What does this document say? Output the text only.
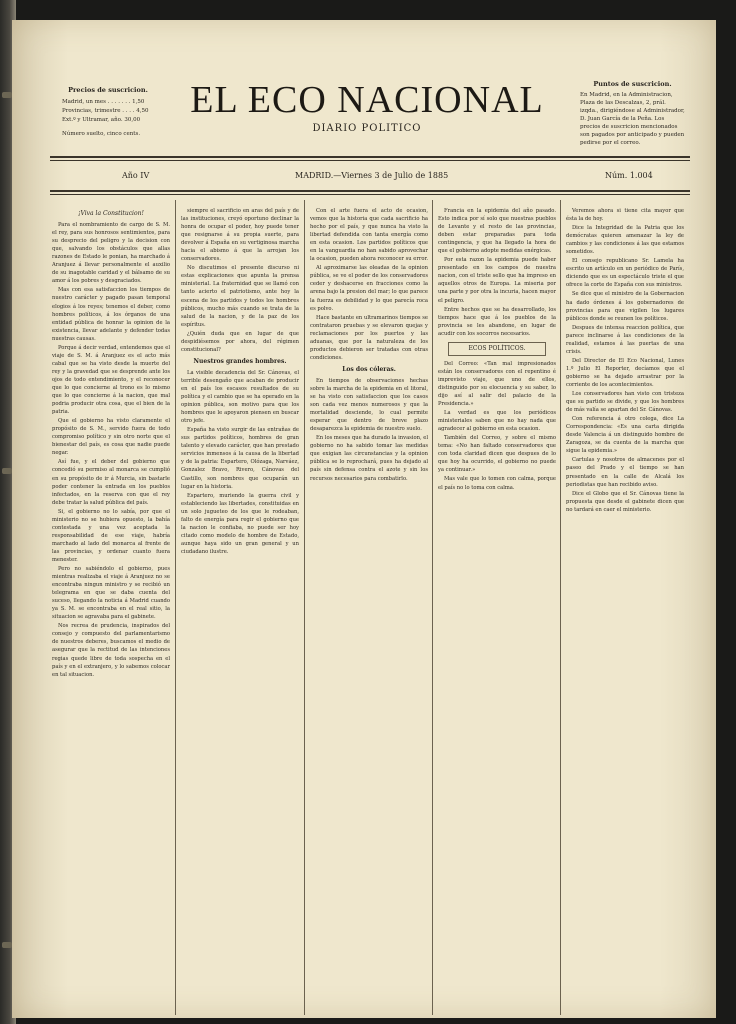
Precios de suscricion.
Madrid, un mes . . . . . . . 1,50
Provincias, trimestre . . . . 4,50
Ext.º y Ultramar, año. 30,00
Número suelto, cinco cents.
EL ECO NACIONAL
DIARIO POLITICO
Puntos de suscricion.
En Madrid, en la Administracion, Plaza de las Descalzas, 2, prál. izqda., dirigiéndose al Administrador, D. Juan García de la Peña. Los precios de suscricion mencionados son pagados por anticipado y pueden pedirse por el correo.
Año IV	MADRID.—Viernes 3 de Julio de 1885	Núm. 1.004

¡Viva la Constitucion!

Para el nombramiento de cargo de S. M. el rey, para sus honrosos sentimientos, para su desprecio del peligro y la decision con que, salvando los obstáculos que allas razones de Estado le ponian, ha marchado á Aranjuez á llevar personalmente el auxilio de su inagotable caridad y el bálsamo de su amor á los pobres y desgraciados.

Mas con esa satisfaccion los tiempos de nuestro carácter y pagado pasan temporal elogios á los reyes; tenemos el deber, como hombres políticos, á los órganos de una entidad pública de honrar la opinion de la existencia, llevar adelante y defender todas nuestras causas.

Porque á decir verdad, entendemos que el viaje de S. M. á Aranjuez es el acto más cabal que se ha visto desde la muerte del rey y la gravedad que se desprende ante los ojos de todo entendimiento, y el reconocer que lo que concierne al trono es lo mismo que lo que concierne á la nacion, que mal podria producir otra cosa, que el bien de la patria.

Que el gobierno ha visto claramente el propósito de S. M., servido fuera de todo compromiso político y sin otro norte que el bienestar del país, es cosa que nadie puede negar.

Así fue, y el deber del gobierno que concedió su permiso al monarca se cumplió en su propósito de ir á Murcia, sin bastarle poder contener la entrada en los pueblos infectados, en la reserva con que el rey debe tratar la salud pública del país.

Si, el gobierno no lo sabía, por que el ministerio no se hubiera opuesto, la bahía contestada y una vez aceptada la responsabilidad de ese viaje, habría marchado al lado del monarca al frente de las provincias, y ordenar cuanto fuera menester.

Pero no sabiéndolo el gobierno, pues mientras realizaba el viaje á Aranjuez no se encontraba ningun ministro y se recibió un telegrama en que se daba cuenta del suceso, llegando la noticia á Madrid cuando ya S. M. se encontraba en el real sitio, la situacion se agravaba para el gabinete.

Nos recrea de prudencia, inspirados del consejo y compuesto del parlamentarismo de nuestros deberes, buscamos el medio de asegurar que la rectitud de las intenciones regias quede libre de toda sospecha en el país y en el extranjero, y lo sabemos colocar en tal situacion.

siempre el sacrificio en aras del país y de las instituciones, creyó oportuno declinar la honra de ocupar el poder, hoy puede tener que resignarse á su propia suerte, para devolver á España en su vertiginosa marcha hacia el abismo á que la arrojan los conservadores.

No discutimos el presente discurso ni estas explicaciones que apunta la prensa ministerial. La fraternidad que se llamó con tanto acierto el patriotismo, ante hoy la escena de los partidos y todos los hombres públicos, mucho más cuando se trata de la salud de la nacion, y de la paz de los espíritus.

¿Quién duda que en lugar de que despidiésemos por ahora, del régimen constitucional?

Nuestros grandes hombres.

La visible decadencia del Sr. Cánovas, el terrible desengaño que acaban de producir en el país los escasos resultados de su política y el cambio que se ha operado en la opinion pública, son motivo para que los hombres que le apoyaron piensen en buscar otro jefe.

España ha visto surgir de las entrañas de sus partidos políticos, hombres de gran talento y elevado carácter, que han prestado servicios inmensos á la causa de la libertad y de la patria: Espartero, Olózaga, Narváez, Gonzalez Bravo, Rivero, Cánovas del Castillo, son nombres que ocuparán un lugar en la historia.

Espartero, muriendo la guerra civil y estableciendo las libertades, constituidas en un solo jugueteo de los que le rodeaban, falto de energía para regir el gobierno que la nacion le confiaba, no puede ser hoy citado como modelo de hombre de Estado, aunque haya sido un gran general y un ciudadano ilustre.

Con el arte fuera el acto de ocasion, vemos que la historia que cada sacrificio ha hecho por el país, y que nunca ha visto la libertad defendida con tanta energía como en esta ocasion. Los partidos políticos que en la vanguardia no han sabido aprovechar la ocasion, pueden ahora reconocer su error.

Al aproximarse las oleadas de la opinion pública, se ve el poder de los conservadores ceder y deshacerse en fracciones como la arena bajo la presion del mar; lo que parece la fuerza es debilidad y lo que parecía roca es polvo.

Hace bastante en ultramarinos tiempos se contrataron pruebas y se elevaron quejas y reclamaciones por los puertos y las aduanas, que por la naturaleza de los productos debieron ser tratadas con otras condiciones.

Los dos cóleras.

En tiempos de observaciones hechas sobre la marcha de la epidemia en el litoral, se ha visto con satisfaccion que los casos son cada vez menos numerosos y que la mortalidad desciende, lo cual permite esperar que dentro de breve plazo desaparezca la epidemia de nuestro suelo.

En los meses que ha durado la invasion, el gobierno no ha sabido tomar las medidas que exigian las circunstancias y la opinion pública se lo reprochará, pues ha dejado al país sin defensa contra el azote y sin los recursos necesarios para combatirlo.

Francia en la epidemia del año pasado. Esto indica por sí solo que nuestras pueblos de Levante y el resto de las provincias, deben estar preparadas para toda contingencia, y que ha llegado la hora de que el gobierno adopte medidas enérgicas.

Por esta razon la epidemia puede haber presentado en los campos de nuestra nacion, con el triste sello que ha impreso en aquellos otros de Europa. La miseria por una parte y por otra la incuria, hacen mayor el peligro.

Entre hechos que se ha desarrollado, los tiempos hace que á los pueblos de la provincia se les abandone, en lugar de acudir con los socorros necesarios.

ECOS POLÍTICOS.

Del Correo: «Tan mal impresionados están los conservadores con el repentino é imprevisto viaje, que uno de ellos, distinguido por su elocuencia y su saber, lo dijo así al salir del palacio de la Presidencia.»

La verdad es que los periódicos ministeriales saben que no hay nada que agradecer al gobierno en esta ocasion.

También del Correo, y sobre el mismo tema: «No han faltado conservadores que con toda claridad dicen que despues de lo que hoy ha ocurrido, el gobierno no puede ya continuar.»

Mas vale que lo tomen con calma, porque el país no lo toma con calma.

Veremos ahora si tiene cita mayor que ésta la de hoy.

Dice la Integridad de la Patria que los demócratas quieren amenazar la ley de cambios y las condiciones á las que estamos sometidos.

El consejo republicano Sr. Lamela ha escrito un artículo en un periódico de París, diciendo que es un espectáculo triste el que ofrece la corte de España con sus ministros.

Se dice que el ministro de la Gobernacion ha dado órdenes á los gobernadores de provincias para que vigilen los lugares públicos donde se reunen los políticos.

Despues de intensa reaccion política, que parece inclinarse á las condiciones de la realidad, estamos á las puertas de una crisis.

Del Director de El Eco Nacional, Lunes 1.º Julio El Reporter, decíamos que el gobierno se ha dejado arrastrar por la corriente de los acontecimientos.

Los conservadores han visto con tristeza que su partido se divide, y que los hombres de más valía se apartan del Sr. Cánovas.

Con referencia á otro colega, dice La Correspondencia: «Es una carta dirigida desde Valencia á un distinguido hombre de Zaragoza, se da cuenta de la marcha que sigue la epidemia.»

Cartulas y nosotros de almacenes por el paseo del Prado y el tiempo se han presentado en la calle de Alcalá los periodistas que han recibido aviso.

Dice el Globo que el Sr. Cánovas tiene la propuesta que desde el gabinete dicen que no tardará en caer el ministerio.
